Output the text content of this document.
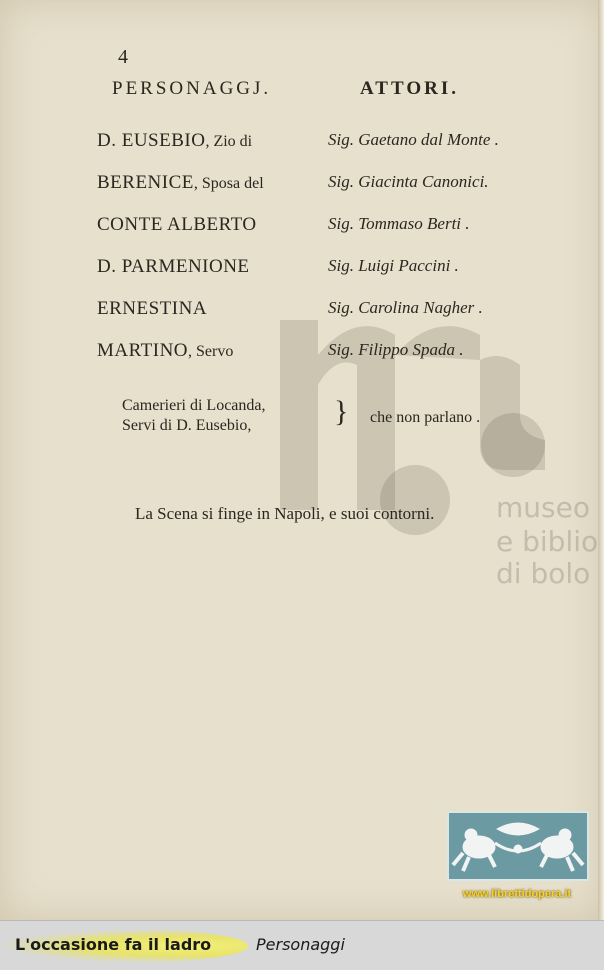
museo
e biblio
di bolo
4
PERSONAGGJ.	ATTORI.
D. EUSEBIO, Zio di	Sig. Gaetano dal Monte .
BERENICE, Sposa del	Sig. Giacinta Canonici.
CONTE ALBERTO	Sig. Tommaso Berti .
D. PARMENIONE	Sig. Luigi Paccini .
ERNESTINA	Sig. Carolina Nagher .
MARTINO, Servo	Sig. Filippo Spada .
Camerieri di Locanda,
Servi di D. Eusebio,	} che non parlano .
La Scena si finge in Napoli, e suoi contorni.
www.librettidopera.it
L'occasione fa il ladro	Personaggi
